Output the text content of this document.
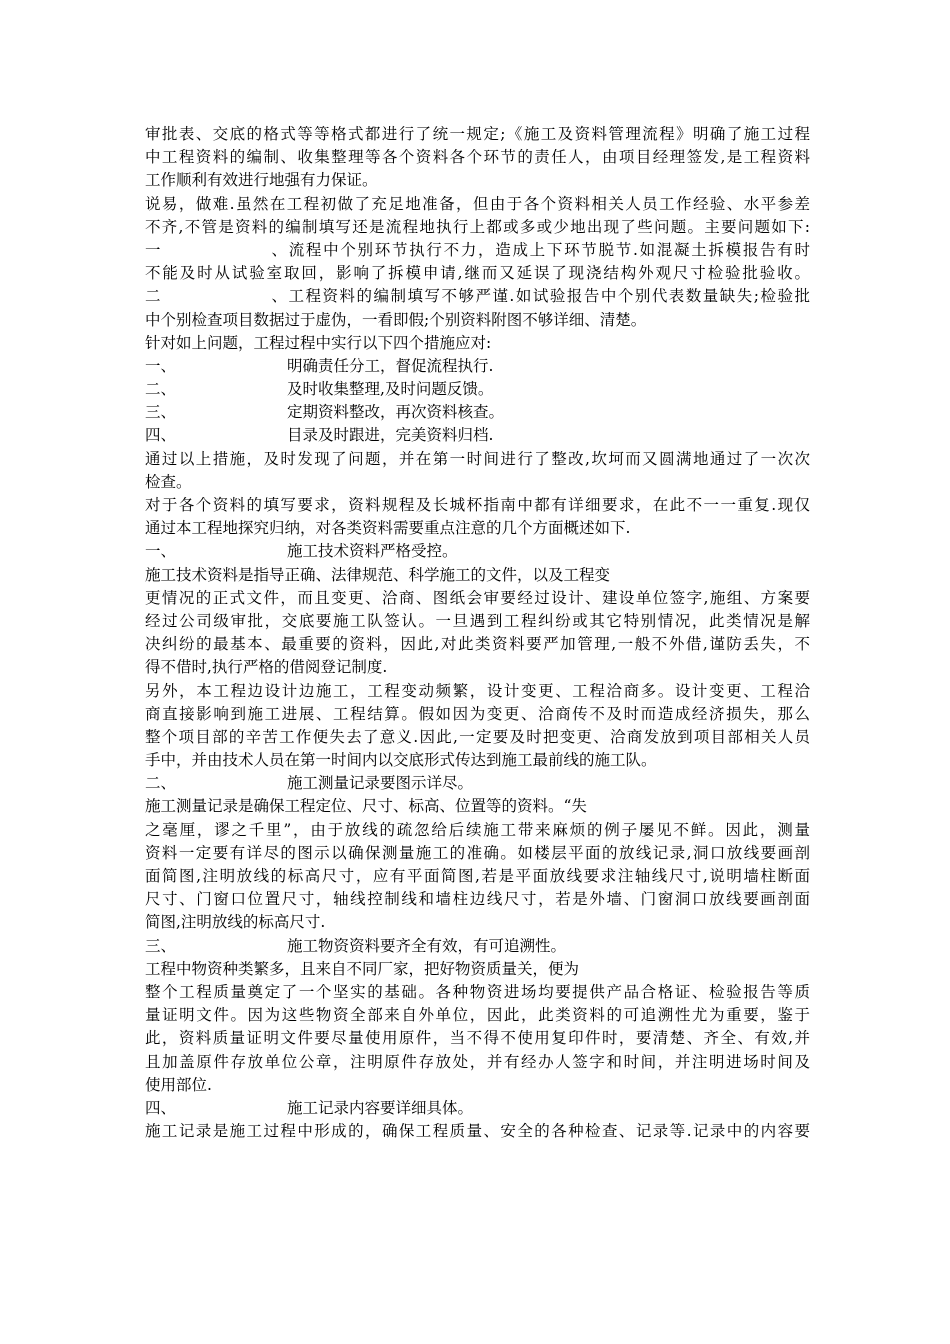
审批表、交底的格式等等格式都进行了统一规定;《施工及资料管理流程》明确了施工过程
中工程资料的编制、收集整理等各个资料各个环节的责任人，由项目经理签发,是工程资料
工作顺利有效进行地强有力保证。
说易，做难.虽然在工程初做了充足地准备，但由于各个资料相关人员工作经验、水平参差
不齐,不管是资料的编制填写还是流程地执行上都或多或少地出现了些问题。主要问题如下:
一、流程中个别环节执行不力，造成上下环节脱节.如混凝土拆模报告有时
不能及时从试验室取回，影响了拆模申请,继而又延误了现浇结构外观尺寸检验批验收。
二、工程资料的编制填写不够严谨.如试验报告中个别代表数量缺失;检验批
中个别检查项目数据过于虚伪，一看即假;个别资料附图不够详细、清楚。
针对如上问题，工程过程中实行以下四个措施应对:
一、	明确责任分工，督促流程执行.
二、	及时收集整理,及时问题反馈。
三、	定期资料整改，再次资料核查。
四、	目录及时跟进，完美资料归档.
通过以上措施，及时发现了问题，并在第一时间进行了整改,坎坷而又圆满地通过了一次次
检查。
对于各个资料的填写要求，资料规程及长城杯指南中都有详细要求，在此不一一重复.现仅
通过本工程地探究归纳，对各类资料需要重点注意的几个方面概述如下.
一、	施工技术资料严格受控。
施工技术资料是指导正确、法律规范、科学施工的文件，以及工程变
更情况的正式文件，而且变更、洽商、图纸会审要经过设计、建设单位签字,施组、方案要
经过公司级审批，交底要施工队签认。一旦遇到工程纠纷或其它特别情况，此类情况是解
决纠纷的最基本、最重要的资料，因此,对此类资料要严加管理,一般不外借,谨防丢失，不
得不借时,执行严格的借阅登记制度.
另外，本工程边设计边施工，工程变动频繁，设计变更、工程洽商多。设计变更、工程洽
商直接影响到施工进展、工程结算。假如因为变更、洽商传不及时而造成经济损失，那么
整个项目部的辛苦工作便失去了意义.因此,一定要及时把变更、洽商发放到项目部相关人员
手中，并由技术人员在第一时间内以交底形式传达到施工最前线的施工队。
二、	施工测量记录要图示详尽。
施工测量记录是确保工程定位、尺寸、标高、位置等的资料。“失
之毫厘，谬之千里”，由于放线的疏忽给后续施工带来麻烦的例子屡见不鲜。因此，测量
资料一定要有详尽的图示以确保测量施工的准确。如楼层平面的放线记录,洞口放线要画剖
面简图,注明放线的标高尺寸，应有平面简图,若是平面放线要求注轴线尺寸,说明墙柱断面
尺寸、门窗口位置尺寸，轴线控制线和墙柱边线尺寸，若是外墙、门窗洞口放线要画剖面
简图,注明放线的标高尺寸.
三、	施工物资资料要齐全有效，有可追溯性。
工程中物资种类繁多，且来自不同厂家，把好物资质量关，便为
整个工程质量奠定了一个坚实的基础。各种物资进场均要提供产品合格证、检验报告等质
量证明文件。因为这些物资全部来自外单位，因此，此类资料的可追溯性尤为重要，鉴于
此，资料质量证明文件要尽量使用原件，当不得不使用复印件时，要清楚、齐全、有效,并
且加盖原件存放单位公章，注明原件存放处，并有经办人签字和时间，并注明进场时间及
使用部位.
四、	施工记录内容要详细具体。
施工记录是施工过程中形成的，确保工程质量、安全的各种检查、记录等.记录中的内容要
